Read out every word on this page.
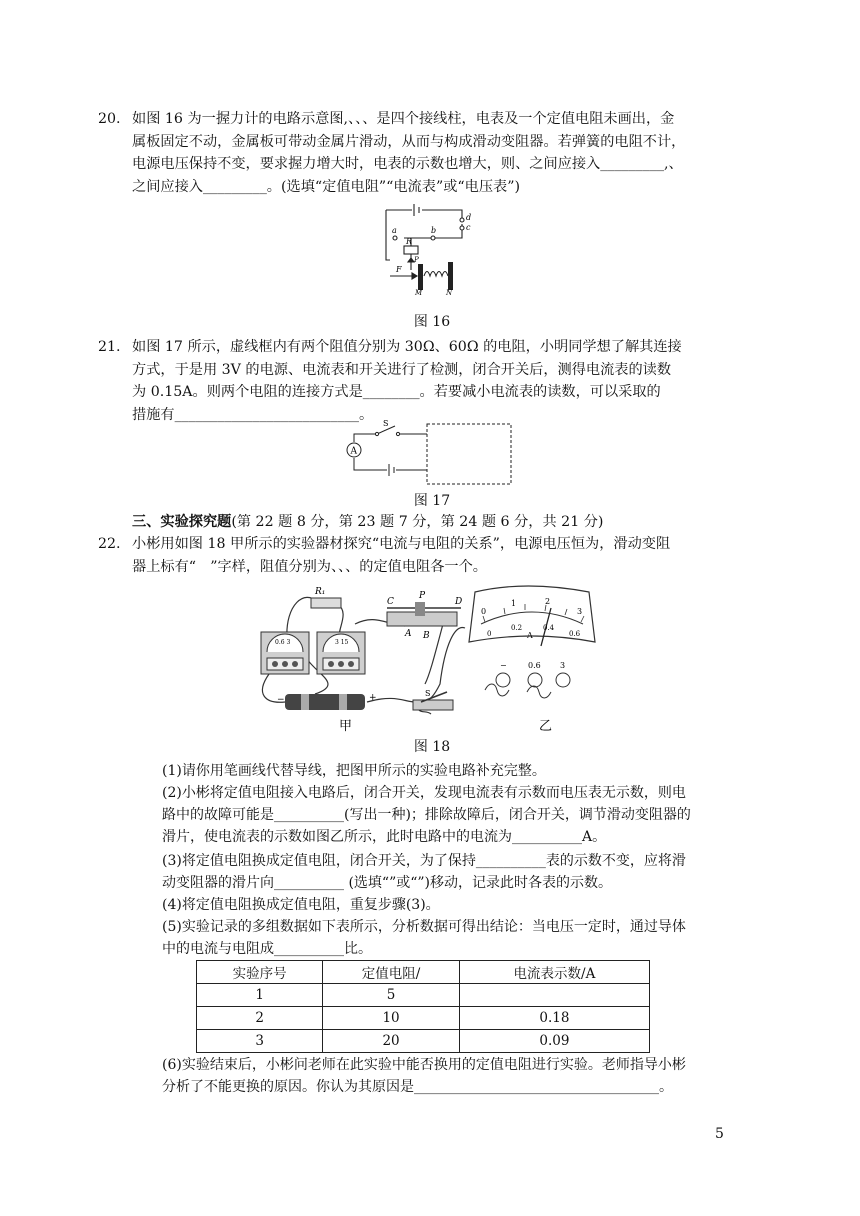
20. 如图 16 为一握力计的电路示意图,、、、是四个接线柱，电表及一个定值电阻未画出，金
属板固定不动，金属板可带动金属片滑动，从而与构成滑动变阻器。若弹簧的电阻不计，
电源电压保持不变，要求握力增大时，电表的示数也增大，则、之间应接入_________,、
之间应接入_________。(选填“定值电阻”“电流表”或“电压表”)
d
c
a	b
R
P
F
M	N
图 16
21. 如图 17 所示，虚线框内有两个阻值分别为 30Ω、60Ω 的电阻，小明同学想了解其连接
方式，于是用 3V 的电源、电流表和开关进行了检测，闭合开关后，测得电流表的读数
为 0.15A。则两个电阻的连接方式是________。若要减小电流表的读数，可以采取的
措施有__________________________。
A
S
图 17
三、实验探究题(第 22 题 8 分，第 23 题 7 分，第 24 题 6 分，共 21 分)
22. 小彬用如图 18 甲所示的实验器材探究“电流与电阻的关系”，电源电压恒为，滑动变阻
器上标有“　”字样，阻值分别为、、、的定值电阻各一个。
R₁
0.6 3	3 15
−	+	S
C
P
D
A B
0
1	2
3
0
0.2	0.4
0.6
A
−	0.6 3
甲	乙
图 18
(1)请你用笔画线代替导线，把图甲所示的实验电路补充完整。
(2)小彬将定值电阻接入电路后，闭合开关，发现电流表有示数而电压表无示数，则电
路中的故障可能是__________(写出一种)；排除故障后，闭合开关，调节滑动变阻器的
滑片，使电流表的示数如图乙所示，此时电路中的电流为__________A。
(3)将定值电阻换成定值电阻，闭合开关，为了保持__________表的示数不变，应将滑
动变阻器的滑片向__________ (选填“”或“”)移动，记录此时各表的示数。
(4)将定值电阻换成定值电阻，重复步骤(3)。
(5)实验记录的多组数据如下表所示，分析数据可得出结论：当电压一定时，通过导体
中的电流与电阻成__________比。
实验序号	定值电阻/	电流表示数/A
1	5	
2	10	0.18
3	20	0.09
(6)实验结束后，小彬问老师在此实验中能否换用的定值电阻进行实验。老师指导小彬
分析了不能更换的原因。你认为其原因是___________________________________。
5
